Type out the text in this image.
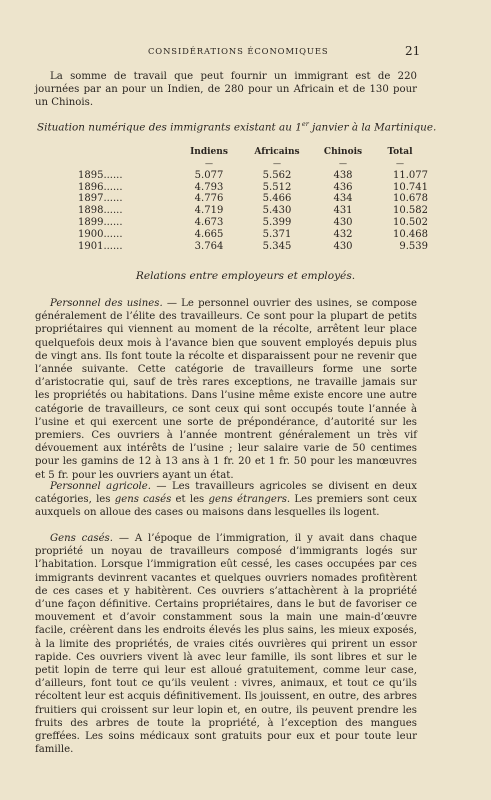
CONSIDÉRATIONS ÉCONOMIQUES	21

La somme de travail que peut fournir un immigrant est de 220 journées par an pour un Indien, de 280 pour un Africain et de 130 pour un Chinois.

Situation numérique des immigrants existant au 1er janvier à la Martinique.
	Indiens	Africains	Chinois	Total
	—	—	—	—
1895......	5.077	5.562	438	11.077
1896......	4.793	5.512	436	10.741
1897......	4.776	5.466	434	10.678
1898......	4.719	5.430	431	10.582
1899......	4.673	5.399	430	10.502
1900......	4.665	5.371	432	10.468
1901......	3.764	5.345	430	9.539
Relations entre employeurs et employés.

Personnel des usines. — Le personnel ouvrier des usines, se compose généralement de l’élite des travailleurs. Ce sont pour la plupart de petits propriétaires qui viennent au moment de la récolte, arrêtent leur place quelquefois deux mois à l’avance bien que souvent employés depuis plus de vingt ans. Ils font toute la récolte et disparaissent pour ne revenir que l’année suivante. Cette catégorie de travailleurs forme une sorte d’aristocratie qui, sauf de très rares exceptions, ne travaille jamais sur les propriétés ou habitations. Dans l’usine même existe encore une autre catégorie de travailleurs, ce sont ceux qui sont occupés toute l’année à l’usine et qui exercent une sorte de prépondérance, d’autorité sur les premiers. Ces ouvriers à l’année montrent généralement un très vif dévouement aux intérêts de l’usine ; leur salaire varie de 50 centimes pour les gamins de 12 à 13 ans à 1 fr. 20 et 1 fr. 50 pour les manœuvres et 5 fr. pour les ouvriers ayant un état.

Personnel agricole. — Les travailleurs agricoles se divisent en deux catégories, les gens casés et les gens étrangers. Les premiers sont ceux auxquels on alloue des cases ou maisons dans lesquelles ils logent.

Gens casés. — A l’époque de l’immigration, il y avait dans chaque propriété un noyau de travailleurs composé d’immigrants logés sur l’habitation. Lorsque l’immigration eût cessé, les cases occupées par ces immigrants devinrent vacantes et quelques ouvriers nomades profitèrent de ces cases et y habitèrent. Ces ouvriers s’attachèrent à la propriété d’une façon définitive. Certains propriétaires, dans le but de favoriser ce mouvement et d’avoir constamment sous la main une main-d’œuvre facile, créèrent dans les endroits élevés les plus sains, les mieux exposés, à la limite des propriétés, de vraies cités ouvrières qui prirent un essor rapide. Ces ouvriers vivent là avec leur famille, ils sont libres et sur le petit lopin de terre qui leur est alloué gratuitement, comme leur case, d’ailleurs, font tout ce qu’ils veulent : vivres, animaux, et tout ce qu’ils récoltent leur est acquis définitivement. Ils jouissent, en outre, des arbres fruitiers qui croissent sur leur lopin et, en outre, ils peuvent prendre les fruits des arbres de toute la propriété, à l’exception des mangues greffées. Les soins médicaux sont gratuits pour eux et pour toute leur famille.
